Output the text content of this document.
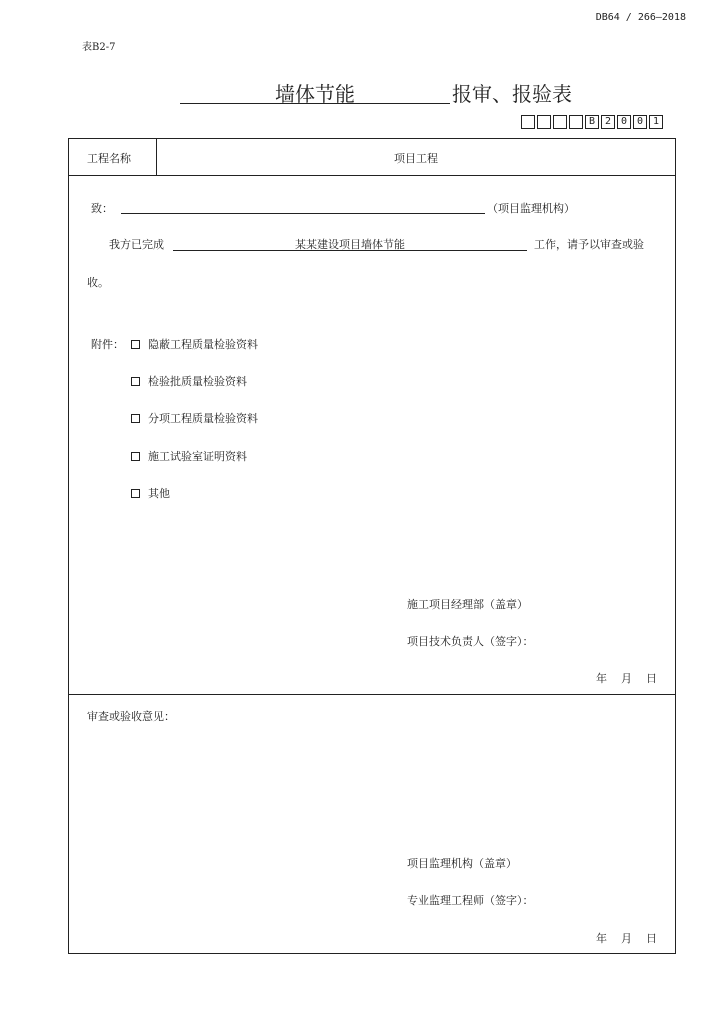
DB64 / 266—2018
表B2-7
墙体节能	报审、报验表
B 2 0 0 1
工程名称	项目工程
致：	（项目监理机构）
我方已完成	某某建设项目墙体节能	工作，请予以审查或验
收。
附件：	隐蔽工程质量检验资料
检验批质量检验资料
分项工程质量检验资料
施工试验室证明资料
其他
施工项目经理部（盖章）
项目技术负责人（签字）：
年    月    日
审查或验收意见：
项目监理机构（盖章）
专业监理工程师（签字）：
年    月    日
